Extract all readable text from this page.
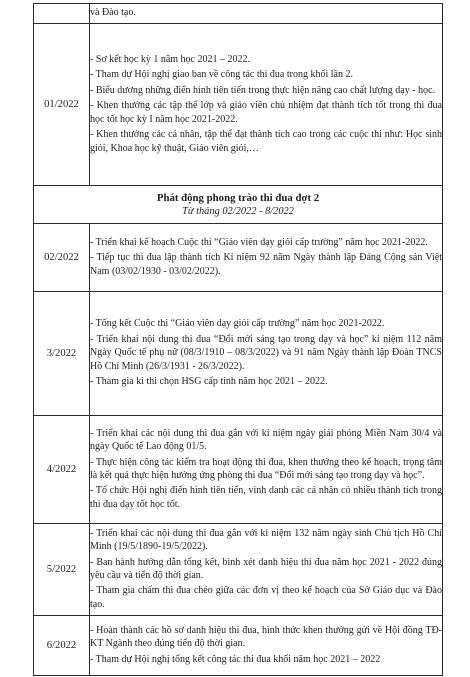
	và Đào tạo.

01/2022	- Sơ kết học kỳ 1 năm học 2021 – 2022.

- Tham dự Hội nghị giao ban về công tác thi đua trong khối lần 2.

- Biểu dương những điển hình tiên tiến trong thực hiện nâng cao chất lượng dạy - học.

- Khen thưởng các tập thể lớp và giáo viên chủ nhiệm đạt thành tích tốt trong thi đua học tốt học kỳ I năm học 2021-2022.

- Khen thưởng các cá nhân, tập thể đạt thành tích cao trong các cuộc thi như: Học sinh giỏi, Khoa học kỹ thuật, Giáo viên giỏi,…

Phát động phong trào thi đua đợt 2
Từ tháng 02/2022 - 8/2022	

02/2022	- Triển khai kế hoạch Cuộc thi “Giáo viên dạy giỏi cấp trường” năm học 2021-2022.

- Tiếp tục thi đua lập thành tích Kỉ niệm 92 năm Ngày thành lập Đảng Cộng sản Việt Nam (03/02/1930 - 03/02/2022).

3/2022	- Tổng kết Cuộc thi “Giáo viên dạy giỏi cấp trường” năm học 2021-2022.

- Triển khai nội dung thi đua “Đổi mới sáng tạo trong dạy và học” kỉ niệm 112 năm Ngày Quốc tế phụ nữ (08/3/1910 – 08/3/2022) và 91 năm Ngày thành lập Đoàn TNCS Hồ Chí Minh (26/3/1931 - 26/3/2022).

- Tham gia kì thi chọn HSG cấp tỉnh năm học 2021 – 2022.

4/2022	- Triển khai các nội dung thi đua gắn với kỉ niệm ngày giải phóng Miền Nam 30/4 và ngày Quốc tế Lao động 01/5.

- Thực hiện công tác kiểm tra hoạt động thi đua, khen thưởng theo kế hoạch, trọng tâm là kết quả thực hiện hưởng ứng phòng thi đua “Đổi mới sáng tạo trong dạy và học”.

- Tổ chức Hội nghị điển hình tiên tiến, vinh danh các cá nhân có nhiều thành tích trong thi đua dạy tốt học tốt.

5/2022	- Triển khai các nội dung thi đua gắn với kỉ niệm 132 năm ngày sinh Chủ tịch Hồ Chí Minh (19/5/1890-19/5/2022).

- Ban hành hướng dẫn tổng kết, bình xét danh hiệu thi đua năm học 2021 - 2022 đúng yêu cầu và tiến độ thời gian.

- Tham gia chấm thi đua chéo giữa các đơn vị theo kế hoạch của Sở Giáo dục và Đào tạo.

6/2022	- Hoàn thành các hồ sơ danh hiệu thi đua, hình thức khen thưởng gửi về Hội đồng TĐ-KT Ngành theo đúng tiến độ thời gian.

- Tham dự Hội nghị tổng kết công tác thi đua khối năm học 2021 – 2022
